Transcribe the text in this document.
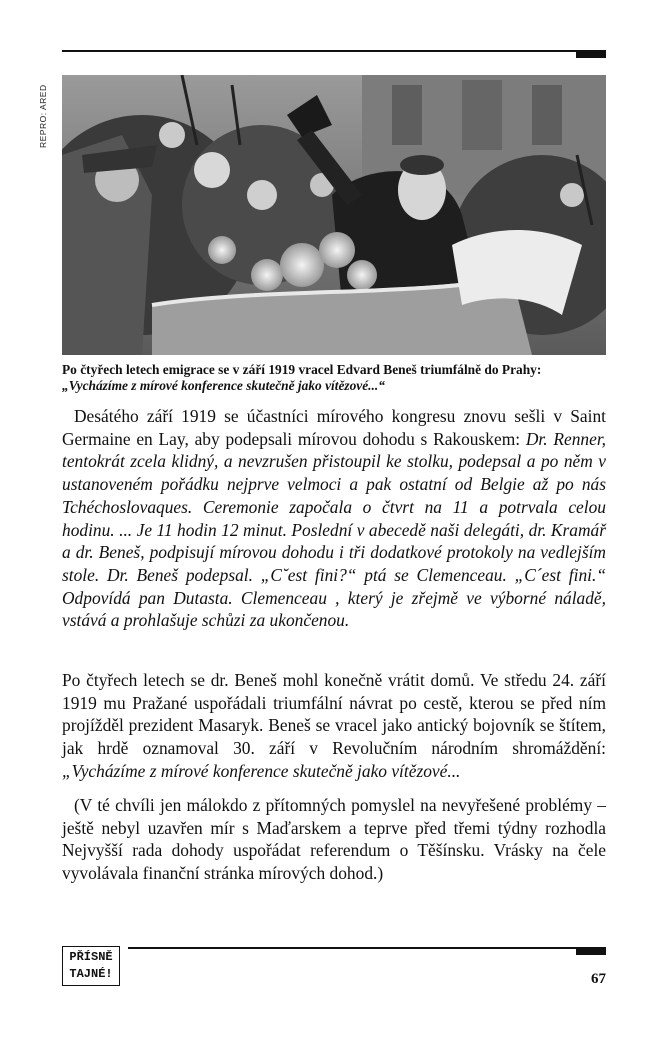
REPRO: ARED
Po čtyřech letech emigrace se v září 1919 vracel Edvard Beneš triumfálně do Prahy: „Vycházíme z mírové konference skutečně jako vítězové...“

Desátého září 1919 se účastníci mírového kongresu znovu sešli v Saint Germaine en Lay, aby podepsali mírovou dohodu s Rakouskem: Dr. Renner, tentokrát zcela klidný, a nevzrušen přistoupil ke stolku, podepsal a po něm v ustanoveném pořádku nejprve velmoci a pak ostatní od Belgie až po nás Tchéchoslovaques. Ceremonie započala o čtvrt na 11 a potrvala celou hodinu. ... Je 11 hodin 12 minut. Poslední v abecedě naši delegáti, dr. Kramář a dr. Beneš, podpisují mírovou dohodu i tři dodatkové protokoly na vedlejším stole. Dr. Beneš podepsal. „C˘est fini?“ ptá se Clemenceau. „C´est fini.“ Odpovídá pan Dutasta. Clemenceau , který je zřejmě ve výborné náladě, vstává a prohlašuje schůzi za ukončenou.

Po čtyřech letech se dr. Beneš mohl konečně vrátit domů. Ve středu 24. září 1919 mu Pražané uspořádali triumfální návrat po cestě, kterou se před ním projížděl prezident Masaryk. Beneš se vracel jako antický bojovník se štítem, jak hrdě oznamoval 30. září v Revolučním národním shromáždění: „Vycházíme z mírové konference skutečně jako vítězové...

(V té chvíli jen málokdo z přítomných pomyslel na nevyřešené problémy – ještě nebyl uzavřen mír s Maďarskem a teprve před třemi týdny rozhodla Nejvyšší rada dohody uspořádat referendum o Těšínsku. Vrásky na čele vyvolávala finanční stránka mírových dohod.)

PŘÍSNĚ
TAJNÉ!	67
